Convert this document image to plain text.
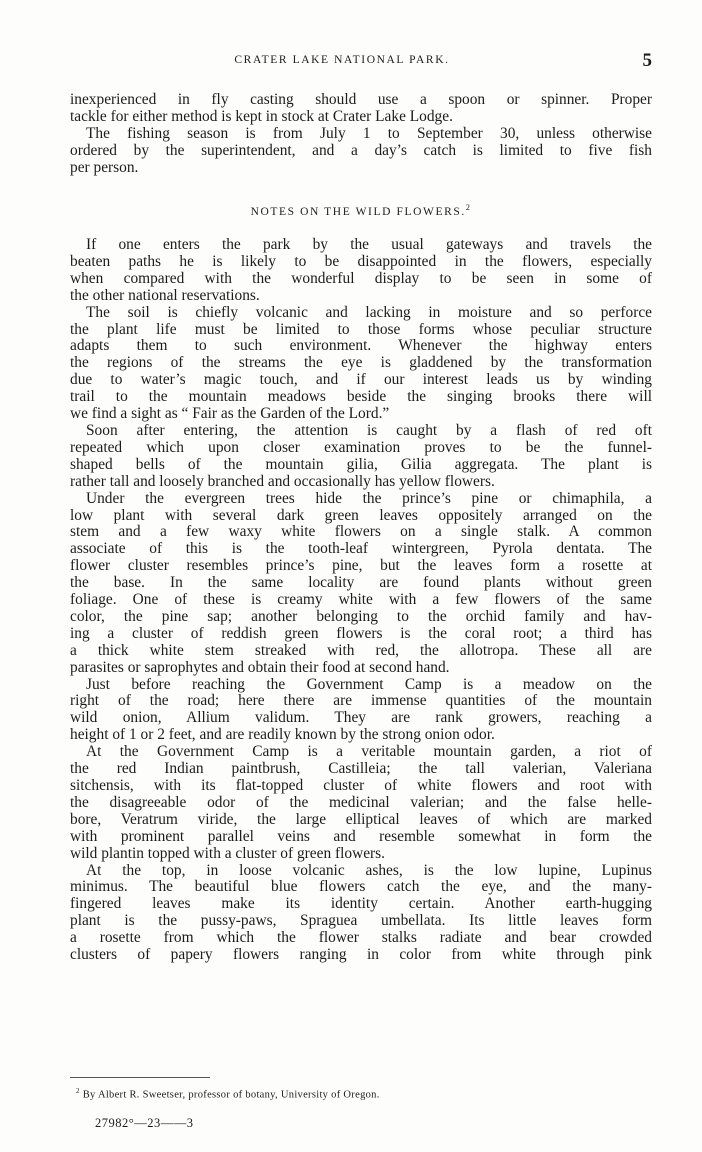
CRATER LAKE NATIONAL PARK.	5
inexperienced in fly casting should use a spoon or spinner. Proper
tackle for either method is kept in stock at Crater Lake Lodge.
The fishing season is from July 1 to September 30, unless otherwise
ordered by the superintendent, and a day’s catch is limited to five fish
per person.
NOTES ON THE WILD FLOWERS.$^2$
If one enters the park by the usual gateways and travels the
beaten paths he is likely to be disappointed in the flowers, especially
when compared with the wonderful display to be seen in some of
the other national reservations.
The soil is chiefly volcanic and lacking in moisture and so perforce
the plant life must be limited to those forms whose peculiar structure
adapts them to such environment. Whenever the highway enters
the regions of the streams the eye is gladdened by the transformation
due to water’s magic touch, and if our interest leads us by winding
trail to the mountain meadows beside the singing brooks there will
we find a sight as “ Fair as the Garden of the Lord.”
Soon after entering, the attention is caught by a flash of red oft
repeated which upon closer examination proves to be the funnel-
shaped bells of the mountain gilia, Gilia aggregata. The plant is
rather tall and loosely branched and occasionally has yellow flowers.
Under the evergreen trees hide the prince’s pine or chimaphila, a
low plant with several dark green leaves oppositely arranged on the
stem and a few waxy white flowers on a single stalk. A common
associate of this is the tooth-leaf wintergreen, Pyrola dentata. The
flower cluster resembles prince’s pine, but the leaves form a rosette at
the base. In the same locality are found plants without green
foliage. One of these is creamy white with a few flowers of the same
color, the pine sap; another belonging to the orchid family and hav-
ing a cluster of reddish green flowers is the coral root; a third has
a thick white stem streaked with red, the allotropa. These all are
parasites or saprophytes and obtain their food at second hand.
Just before reaching the Government Camp is a meadow on the
right of the road; here there are immense quantities of the mountain
wild onion, Allium validum. They are rank growers, reaching a
height of 1 or 2 feet, and are readily known by the strong onion odor.
At the Government Camp is a veritable mountain garden, a riot of
the red Indian paintbrush, Castilleia; the tall valerian, Valeriana
sitchensis, with its flat-topped cluster of white flowers and root with
the disagreeable odor of the medicinal valerian; and the false helle-
bore, Veratrum viride, the large elliptical leaves of which are marked
with prominent parallel veins and resemble somewhat in form the
wild plantin topped with a cluster of green flowers.
At the top, in loose volcanic ashes, is the low lupine, Lupinus
minimus. The beautiful blue flowers catch the eye, and the many-
fingered leaves make its identity certain. Another earth-hugging
plant is the pussy-paws, Spraguea umbellata. Its little leaves form
a rosette from which the flower stalks radiate and bear crowded
clusters of papery flowers ranging in color from white through pink
$^2$ By Albert R. Sweetser, professor of botany, University of Oregon.
27982°—23——3
